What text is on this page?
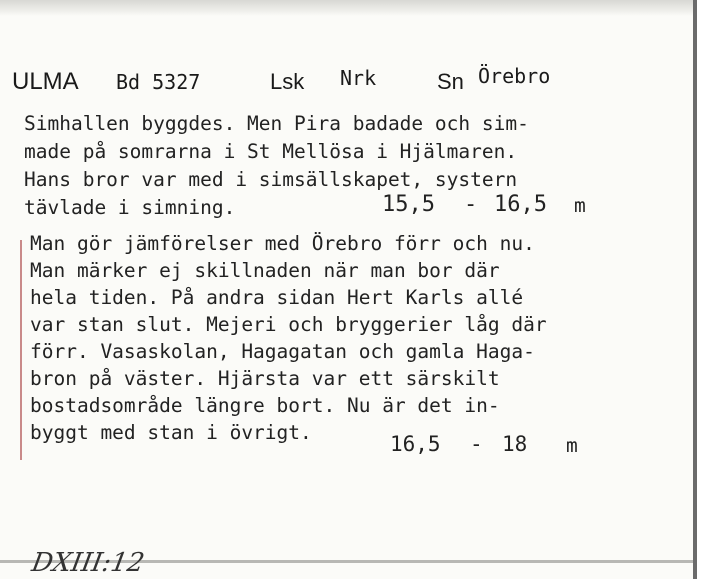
ULMA Bd 5327	Lsk Nrk	Sn Örebro
Simhallen byggdes. Men Pira badade och sim-
made på somrarna i St Mellösa i Hjälmaren.
Hans bror var med i simsällskapet, systern
tävlade i simning.	15,5 - 16,5 m
Man gör jämförelser med Örebro förr och nu.
Man märker ej skillnaden när man bor där
hela tiden. På andra sidan Hert Karls allé
var stan slut. Mejeri och bryggerier låg där
förr. Vasaskolan, Hagagatan och gamla Haga-
bron på väster. Hjärsta var ett särskilt
bostadsområde längre bort. Nu är det in-
byggt med stan i övrigt.	16,5 - 18 m
DXIII:12
